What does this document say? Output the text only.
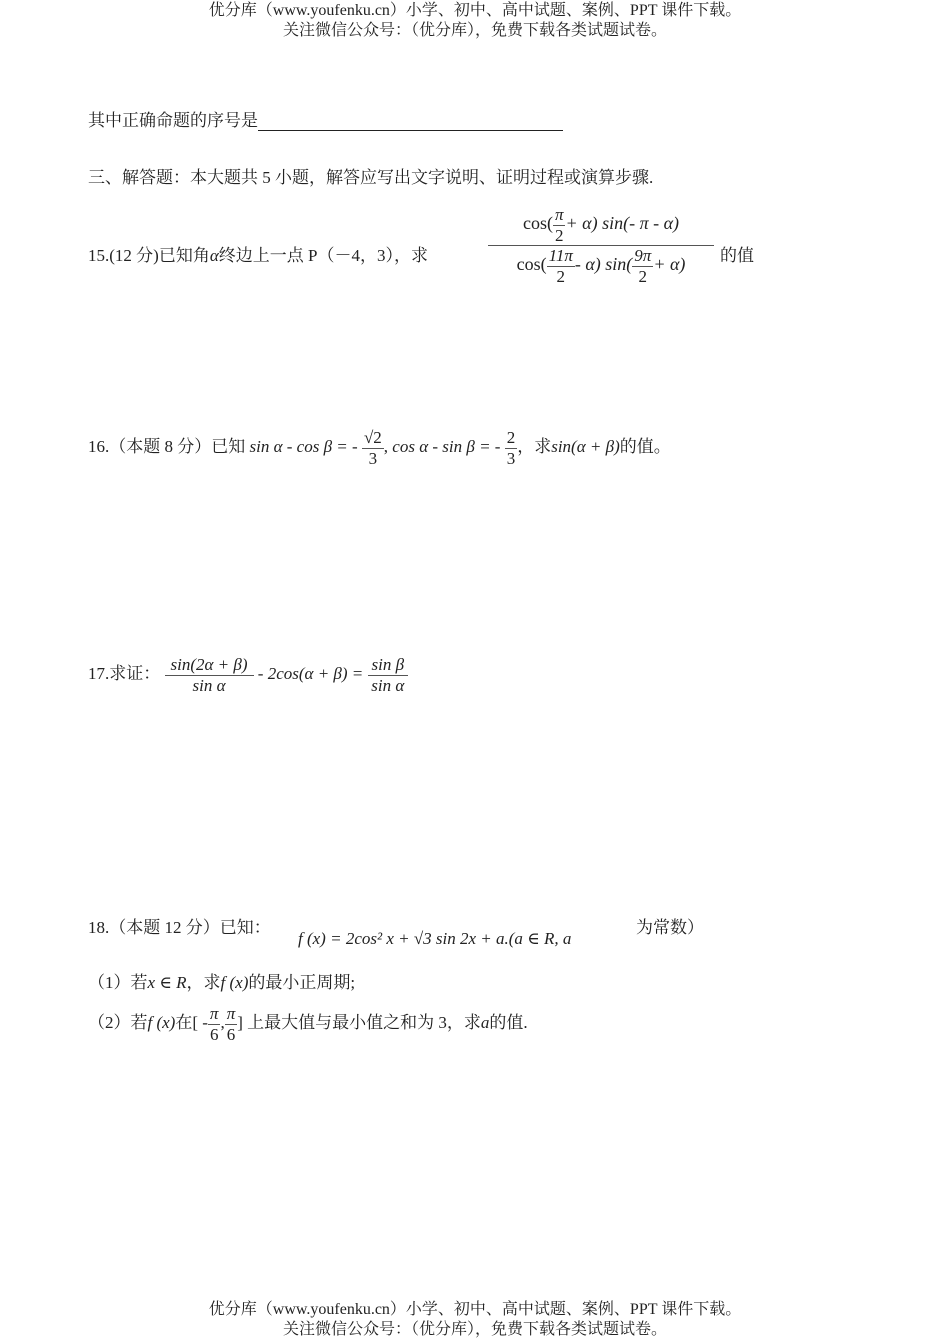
优分库（www.youfenku.cn）小学、初中、高中试题、案例、PPT 课件下载。
关注微信公众号：（优分库），免费下载各类试题试卷。
其中正确命题的序号是
三、解答题：本大题共 5 小题，解答应写出文字说明、证明过程或演算步骤.
15.(12 分)已知角α终边上一点 P（－4，3），求	$\frac{\cos( \frac{\pi}{2} + \alpha) \sin(- \pi - \alpha)}{\cos( \frac{11\pi}{2} - \alpha) \sin( \frac{9\pi}{2} + \alpha)}$ 的值
16.（本题 8 分）已知 sin α - cos β = - $\frac{√2}{3}$ , cos α - sin β = - $\frac{2}{3}$ ，求sin(α + β)的值。
17.求证： $\frac{\sin(2\alpha + \beta)}{\text{sin α}} - 2\cos(\alpha + \beta) = \frac{\text{sin β}}{\text{sin α}}$
18.（本题 12 分）已知：
f (x) = 2cos² x + √3 sin 2x + a.(a ∈ R, a
为常数）
（1）若x ∈ R，求f (x)的最小正周期;
（2）若f (x)在[ - $\frac{\pi}{6}$ , $\frac{\pi}{6}$ ] 上最大值与最小值之和为 3，求a的值.
优分库（www.youfenku.cn）小学、初中、高中试题、案例、PPT 课件下载。
关注微信公众号：（优分库），免费下载各类试题试卷。
